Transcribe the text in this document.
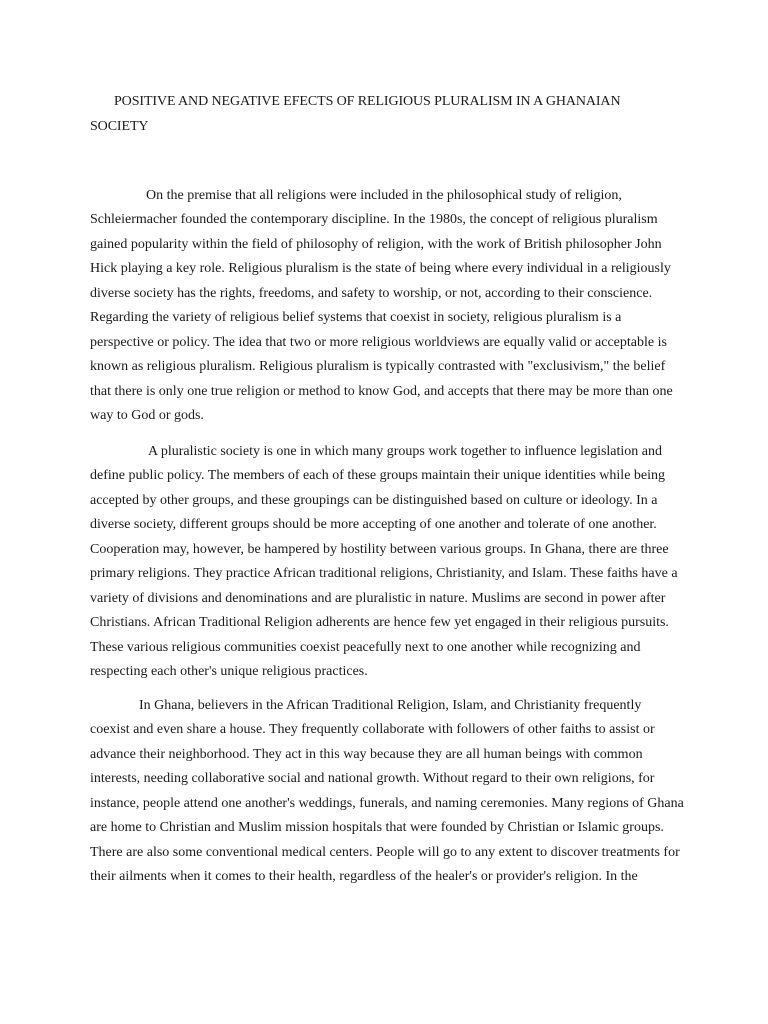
POSITIVE AND NEGATIVE EFECTS OF RELIGIOUS PLURALISM IN A GHANAIAN
SOCIETY

On the premise that all religions were included in the philosophical study of religion,
Schleiermacher founded the contemporary discipline. In the 1980s, the concept of religious pluralism
gained popularity within the field of philosophy of religion, with the work of British philosopher John
Hick playing a key role. Religious pluralism is the state of being where every individual in a religiously
diverse society has the rights, freedoms, and safety to worship, or not, according to their conscience.
Regarding the variety of religious belief systems that coexist in society, religious pluralism is a
perspective or policy. The idea that two or more religious worldviews are equally valid or acceptable is
known as religious pluralism. Religious pluralism is typically contrasted with "exclusivism," the belief
that there is only one true religion or method to know God, and accepts that there may be more than one
way to God or gods.

A pluralistic society is one in which many groups work together to influence legislation and
define public policy. The members of each of these groups maintain their unique identities while being
accepted by other groups, and these groupings can be distinguished based on culture or ideology. In a
diverse society, different groups should be more accepting of one another and tolerate of one another.
Cooperation may, however, be hampered by hostility between various groups. In Ghana, there are three
primary religions. They practice African traditional religions, Christianity, and Islam. These faiths have a
variety of divisions and denominations and are pluralistic in nature. Muslims are second in power after
Christians. African Traditional Religion adherents are hence few yet engaged in their religious pursuits.
These various religious communities coexist peacefully next to one another while recognizing and
respecting each other's unique religious practices.

In Ghana, believers in the African Traditional Religion, Islam, and Christianity frequently
coexist and even share a house. They frequently collaborate with followers of other faiths to assist or
advance their neighborhood. They act in this way because they are all human beings with common
interests, needing collaborative social and national growth. Without regard to their own religions, for
instance, people attend one another's weddings, funerals, and naming ceremonies. Many regions of Ghana
are home to Christian and Muslim mission hospitals that were founded by Christian or Islamic groups.
There are also some conventional medical centers. People will go to any extent to discover treatments for
their ailments when it comes to their health, regardless of the healer's or provider's religion. In the
